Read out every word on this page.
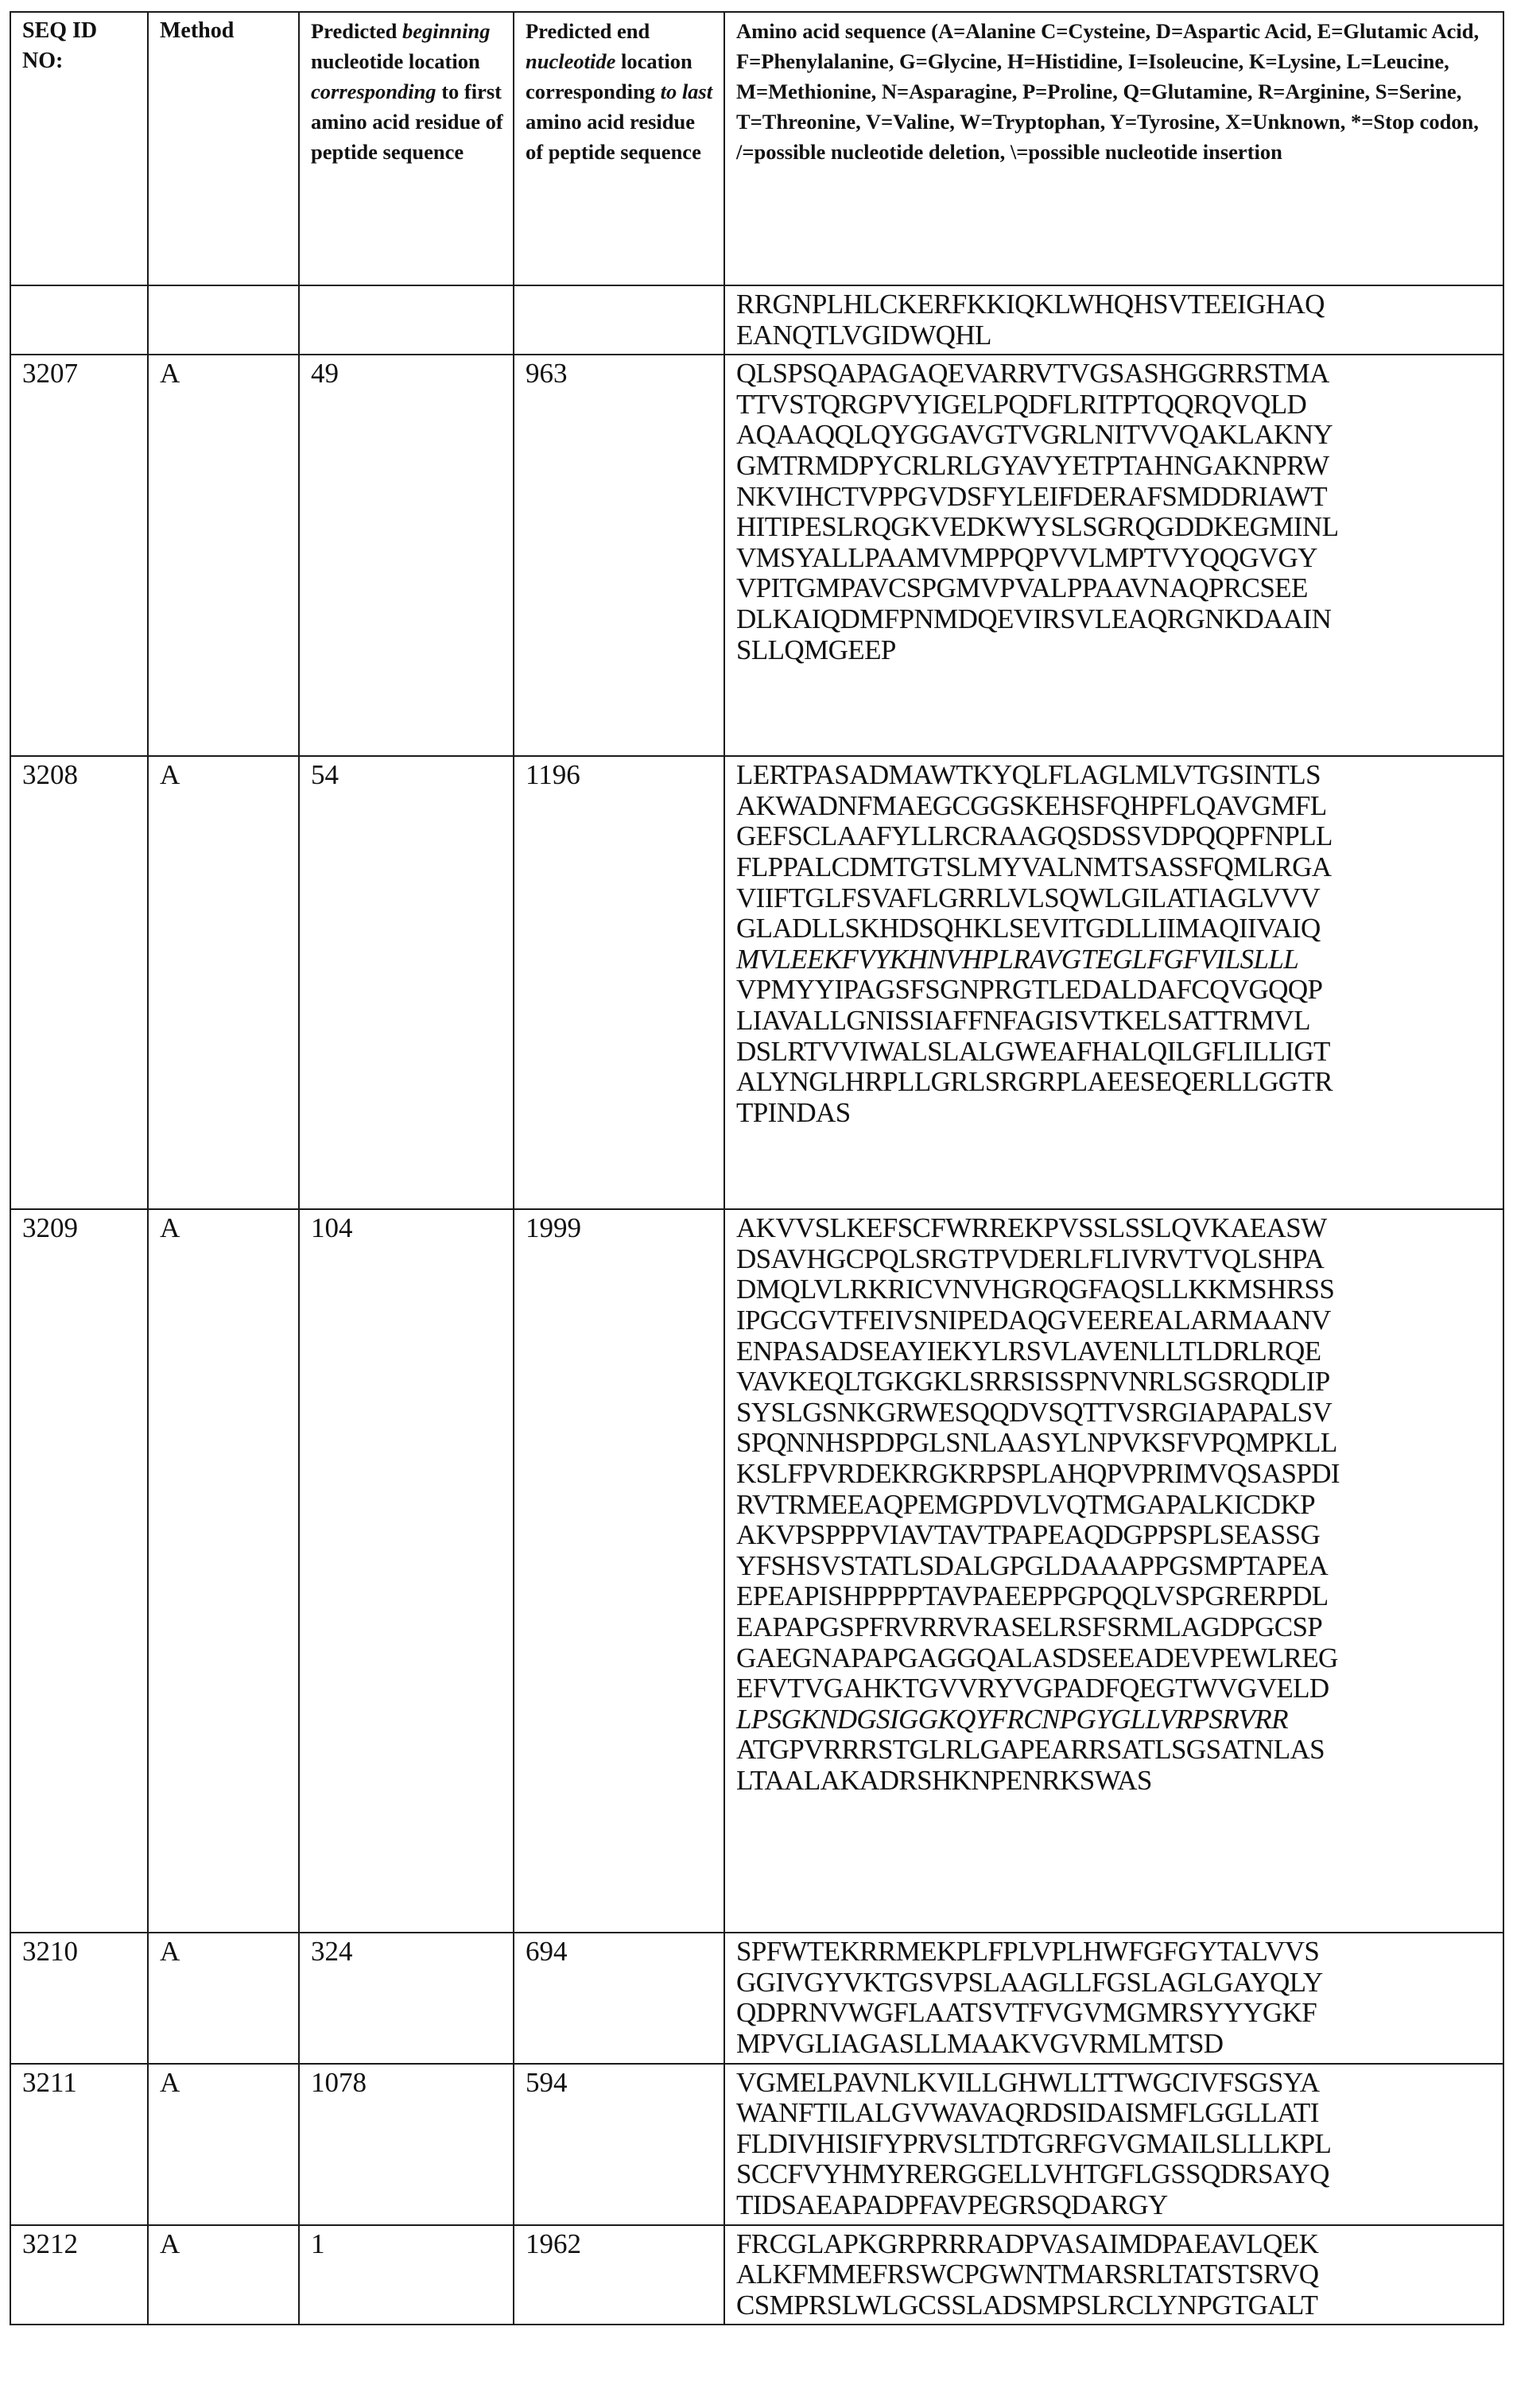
SEQ ID NO:	Method	Predicted beginning nucleotide location corresponding to first amino acid residue of peptide sequence	Predicted end nucleotide location corresponding to last amino acid residue of peptide sequence	Amino acid sequence (A=Alanine C=Cysteine, D=Aspartic Acid, E=Glutamic Acid, F=Phenylalanine, G=Glycine, H=Histidine, I=Isoleucine, K=Lysine, L=Leucine, M=Methionine, N=Asparagine, P=Proline, Q=Glutamine, R=Arginine, S=Serine, T=Threonine, V=Valine, W=Tryptophan, Y=Tyrosine, X=Unknown, *=Stop codon, /=possible nucleotide deletion, \=possible nucleotide insertion

				RRGNPLHLCKERFKKIQKLWHQHSVTEEIGHAQ
EANQTLVGIDWQHL

3207	A	49	963	QLSPSQAPAGAQEVARRVTVGSASHGGRRSTMA
TTVSTQRGPVYIGELPQDFLRITPTQQRQVQLD
AQAAQQLQYGGAVGTVGRLNITVVQAKLAKNY
GMTRMDPYCRLRLGYAVYETPTAHNGAKNPRW
NKVIHCTVPPGVDSFYLEIFDERAFSMDDRIAWT
HITIPESLRQGKVEDKWYSLSGRQGDDKEGMINL
VMSYALLPAAMVMPPQPVVLMPTVYQQGVGY
VPITGMPAVCSPGMVPVALPPAAVNAQPRCSEE
DLKAIQDMFPNMDQEVIRSVLEAQRGNKDAAIN
SLLQMGEEP

3208	A	54	1196	LERTPASADMAWTKYQLFLAGLMLVTGSINTLS
AKWADNFMAEGCGGSKEHSFQHPFLQAVGMFL
GEFSCLAAFYLLRCRAAGQSDSSVDPQQPFNPLL
FLPPALCDMTGTSLMYVALNMTSASSFQMLRGA
VIIFTGLFSVAFLGRRLVLSQWLGILATIAGLVVV
GLADLLSKHDSQHKLSEVITGDLLIIMAQIIVAIQ
MVLEEKFVYKHNVHPLRAVGTEGLFGFVILSLLL
VPMYYIPAGSFSGNPRGTLEDALDAFCQVGQQP
LIAVALLGNISSIAFFNFAGISVTKELSATTRMVL
DSLRTVVIWALSLALGWEAFHALQILGFLILLIGT
ALYNGLHRPLLGRLSRGRPLAEESEQERLLGGTR
TPINDAS

3209	A	104	1999	AKVVSLKEFSCFWRREKPVSSLSSLQVKAEASW
DSAVHGCPQLSRGTPVDERLFLIVRVTVQLSHPA
DMQLVLRKRICVNVHGRQGFAQSLLKKMSHRSS
IPGCGVTFEIVSNIPEDAQGVEEREALARMAANV
ENPASADSEAYIEKYLRSVLAVENLLTLDRLRQE
VAVKEQLTGKGKLSRRSISSPNVNRLSGSRQDLIP
SYSLGSNKGRWESQQDVSQTTVSRGIAPAPALSV
SPQNNHSPDPGLSNLAASYLNPVKSFVPQMPKLL
KSLFPVRDEKRGKRPSPLAHQPVPRIMVQSASPDI
RVTRMEEAQPEMGPDVLVQTMGAPALKICDKP
AKVPSPPPVIAVTAVTPAPEAQDGPPSPLSEASSG
YFSHSVSTATLSDALGPGLDAAAPPGSMPTAPEA
EPEAPISHPPPPTAVPAEEPPGPQQLVSPGRERPDL
EAPAPGSPFRVRRVRASELRSFSRMLAGDPGCSP
GAEGNAPAPGAGGQALASDSEEADEVPEWLREG
EFVTVGAHKTGVVRYVGPADFQEGTWVGVELD
LPSGKNDGSIGGKQYFRCNPGYGLLVRPSRVRR
ATGPVRRRSTGLRLGAPEARRSATLSGSATNLAS
LTAALAKADRSHKNPENRKSWAS

3210	A	324	694	SPFWTEKRRMEKPLFPLVPLHWFGFGYTALVVS
GGIVGYVKTGSVPSLAAGLLFGSLAGLGAYQLY
QDPRNVWGFLAATSVTFVGVMGMRSYYYGKF
MPVGLIAGASLLMAAKVGVRMLMTSD

3211	A	1078	594	VGMELPAVNLKVILLGHWLLTTWGCIVFSGSYA
WANFTILALGVWAVAQRDSIDAISMFLGGLLATI
FLDIVHISIFYPRVSLTDTGRFGVGMAILSLLLKPL
SCCFVYHMYRERGGELLVHTGFLGSSQDRSAYQ
TIDSAEAPADPFAVPEGRSQDARGY

3212	A	1	1962	FRCGLAPKGRPRRRADPVASAIMDPAEAVLQEK
ALKFMMEFRSWCPGWNTMARSRLTATSTSRVQ
CSMPRSLWLGCSSLADSMPSLRCLYNPGTGALT
